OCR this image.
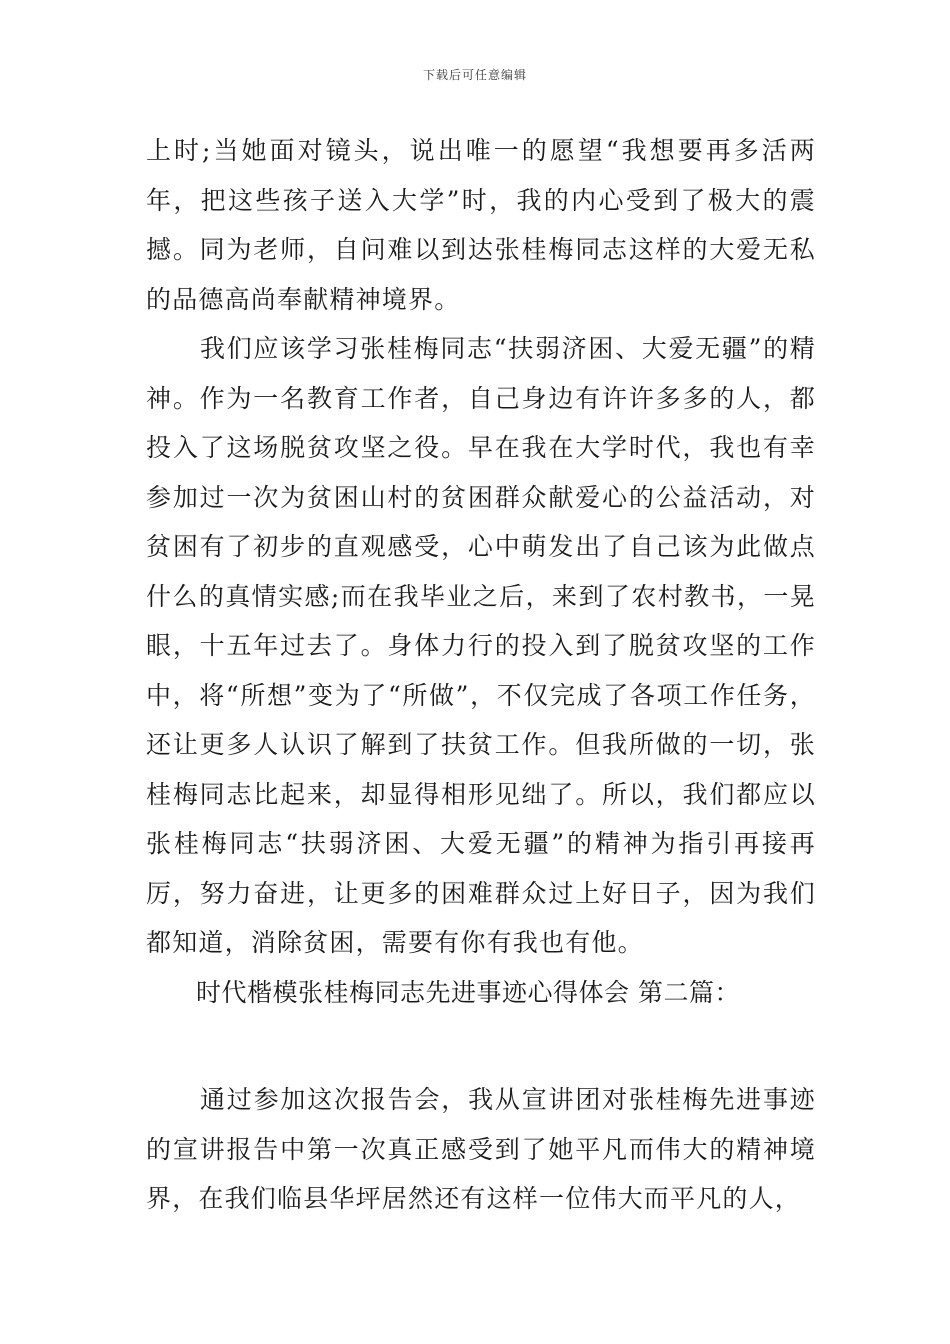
下载后可任意编辑

上时;当她面对镜头，说出唯一的愿望“我想要再多活两年，把这些孩子送入大学”时，我的内心受到了极大的震撼。同为老师，自问难以到达张桂梅同志这样的大爱无私的品德高尚奉献精神境界。

我们应该学习张桂梅同志“扶弱济困、大爱无疆”的精神。作为一名教育工作者，自己身边有许许多多的人，都投入了这场脱贫攻坚之役。早在我在大学时代，我也有幸参加过一次为贫困山村的贫困群众献爱心的公益活动，对贫困有了初步的直观感受，心中萌发出了自己该为此做点什么的真情实感;而在我毕业之后，来到了农村教书，一晃眼，十五年过去了。身体力行的投入到了脱贫攻坚的工作中，将“所想”变为了“所做”，不仅完成了各项工作任务，还让更多人认识了解到了扶贫工作。但我所做的一切，张桂梅同志比起来，却显得相形见绌了。所以，我们都应以张桂梅同志“扶弱济困、大爱无疆”的精神为指引再接再厉，努力奋进，让更多的困难群众过上好日子，因为我们都知道，消除贫困，需要有你有我也有他。

时代楷模张桂梅同志先进事迹心得体会 第二篇：

通过参加这次报告会，我从宣讲团对张桂梅先进事迹的宣讲报告中第一次真正感受到了她平凡而伟大的精神境界，在我们临县华坪居然还有这样一位伟大而平凡的人，
